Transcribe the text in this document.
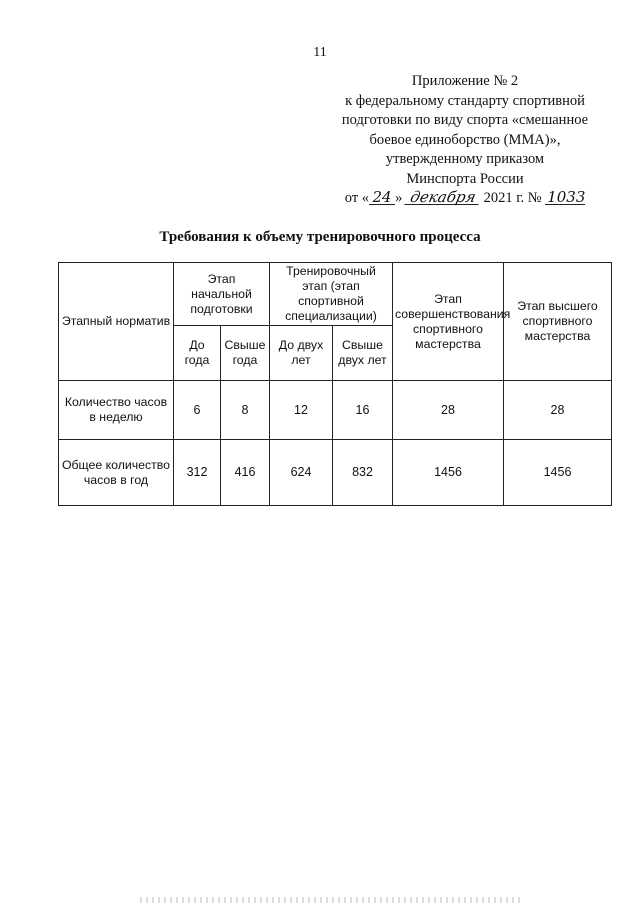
11
Приложение № 2
к федеральному стандарту спортивной
подготовки по виду спорта «смешанное
боевое единоборство (ММА)»,
утвержденному приказом
Минспорта России
от « 24 » декабря 2021 г. № 1033
Требования к объему тренировочного процесса
Этапный норматив	Этап начальной подготовки		Тренировочный этап (этап спортивной специализации)		Этап совершенствования спортивного мастерства	Этап высшего спортивного мастерства
	До года	Свыше года	До двух лет	Свыше двух лет		
Количество часов в неделю	6	8	12	16	28	28
Общее количество часов в год	312	416	624	832	1456	1456
